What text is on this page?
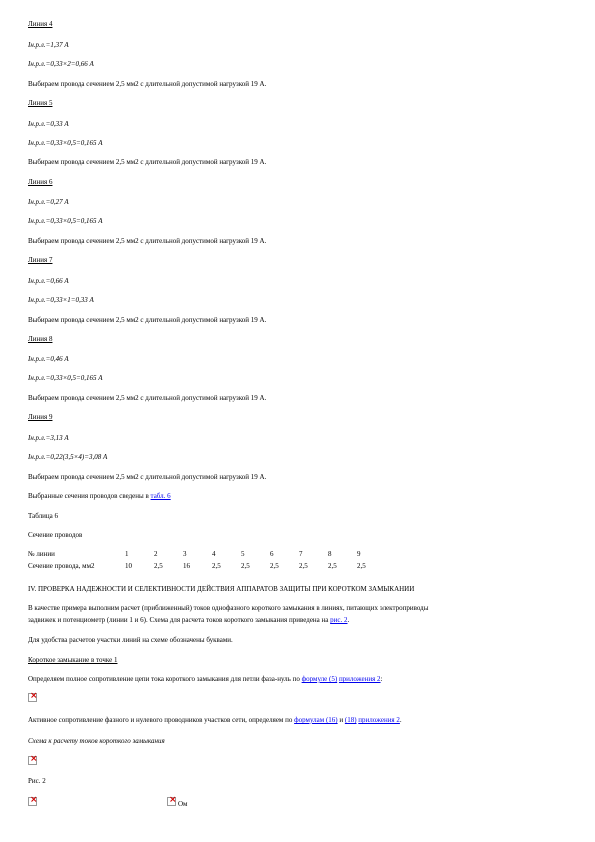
Линия 4
Iн.р.л.=1,37 А
Iн.р.л.=0,33×2=0,66 А
Выбираем провода сечением 2,5 мм2 с длительной допустимой нагрузкой 19 А.
Линия 5
Iн.р.л.=0,33 А
Iн.р.л.=0,33×0,5=0,165 А
Выбираем провода сечением 2,5 мм2 с длительной допустимой нагрузкой 19 А.
Линия 6
Iн.р.л.=0,27 А
Iн.р.л.=0,33×0,5=0,165 А
Выбираем провода сечением 2,5 мм2 с длительной допустимой нагрузкой 19 А.
Линия 7
Iн.р.л.=0,66 А
Iн.р.л.=0,33×1=0,33 А
Выбираем провода сечением 2,5 мм2 с длительной допустимой нагрузкой 19 А.
Линия 8
Iн.р.л.=0,46 А
Iн.р.л.=0,33×0,5=0,165 А
Выбираем провода сечением 2,5 мм2 с длительной допустимой нагрузкой 19 А.
Линия 9
Iн.р.л.=3,13 А
Iн.р.л.=0,22(3,5×4)=3,08 А
Выбираем провода сечением 2,5 мм2 с длительной допустимой нагрузкой 19 А.
Выбранные сечения проводов сведены в табл. 6
Таблица 6
Сечение проводов
№ линии	1	2	3	4	5	6	7	8	9
Сечение провода, мм2	10	2,5	16	2,5	2,5	2,5	2,5	2,5	2,5
IV. ПРОВЕРКА НАДЕЖНОСТИ И СЕЛЕКТИВНОСТИ ДЕЙСТВИЯ АППАРАТОВ ЗАЩИТЫ ПРИ КОРОТКОМ ЗАМЫКАНИИ
В качестве примера выполним расчет (приближенный) токов однофазного короткого замыкания в линиях, питающих электроприводы
задвижек и потенциометр (линии 1 и 6). Схема для расчета токов короткого замыкания приведена на рис. 2.
Для удобства расчетов участки линий на схеме обозначены буквами.
Короткое замыкание в точке 1
Определяем полное сопротивление цепи тока короткого замыкания для петли фаза-нуль по формуле (5) приложения 2:
×
Активное сопротивление фазного и нулевого проводников участков сети, определяем по формулам (16) и (18) приложения 2.
Схема к расчету токов короткого замыкания
×
Рис. 2
×
×
Ом
